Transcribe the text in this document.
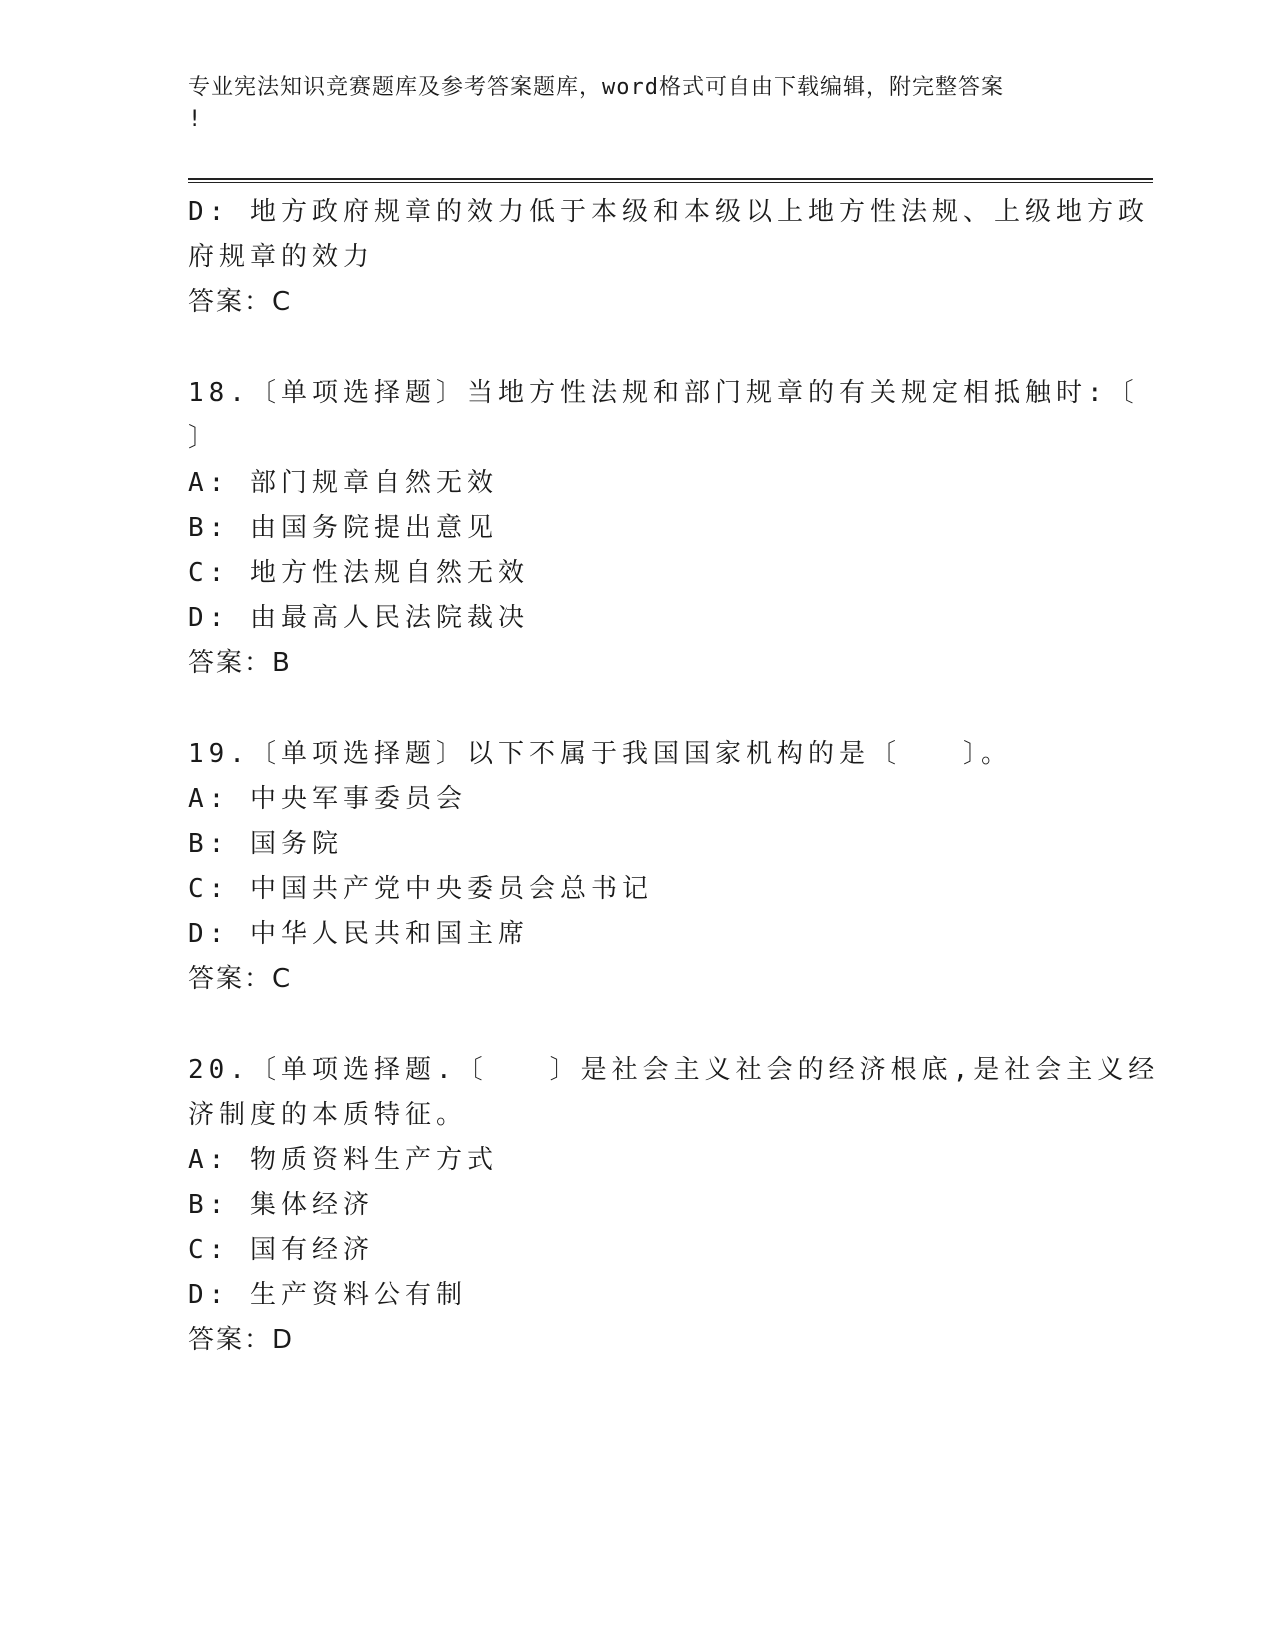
专业宪法知识竞赛题库及参考答案题库，word格式可自由下载编辑，附完整答案
!
D: 地方政府规章的效力低于本级和本级以上地方性法规、上级地方政
府规章的效力
答案：C
18.〔单项选择题〕当地方性法规和部门规章的有关规定相抵触时:〔
〕
A: 部门规章自然无效
B: 由国务院提出意见
C: 地方性法规自然无效
D: 由最高人民法院裁决
答案：B
19.〔单项选择题〕以下不属于我国国家机构的是〔　　〕。
A: 中央军事委员会
B: 国务院
C: 中国共产党中央委员会总书记
D: 中华人民共和国主席
答案：C
20.〔单项选择题.〔　　〕是社会主义社会的经济根底,是社会主义经
济制度的本质特征。
A: 物质资料生产方式
B: 集体经济
C: 国有经济
D: 生产资料公有制
答案：D
